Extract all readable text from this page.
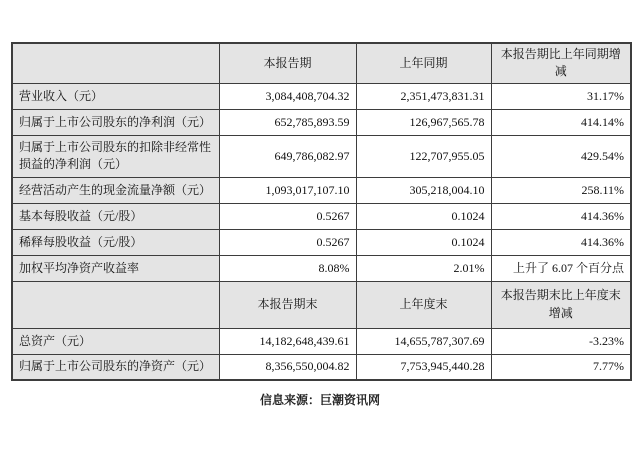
	本报告期	上年同期	本报告期比上年同期增减
营业收入（元）	3,084,408,704.32	2,351,473,831.31	31.17%
归属于上市公司股东的净利润（元）	652,785,893.59	126,967,565.78	414.14%
归属于上市公司股东的扣除非经常性损益的净利润（元）	649,786,082.97	122,707,955.05	429.54%
经营活动产生的现金流量净额（元）	1,093,017,107.10	305,218,004.10	258.11%
基本每股收益（元/股）	0.5267	0.1024	414.36%
稀释每股收益（元/股）	0.5267	0.1024	414.36%
加权平均净资产收益率	8.08%	2.01%	上升了 6.07 个百分点
	本报告期末	上年度末	本报告期末比上年度末增减
总资产（元）	14,182,648,439.61	14,655,787,307.69	-3.23%
归属于上市公司股东的净资产（元）	8,356,550,004.82	7,753,945,440.28	7.77%
信息来源：巨潮资讯网
